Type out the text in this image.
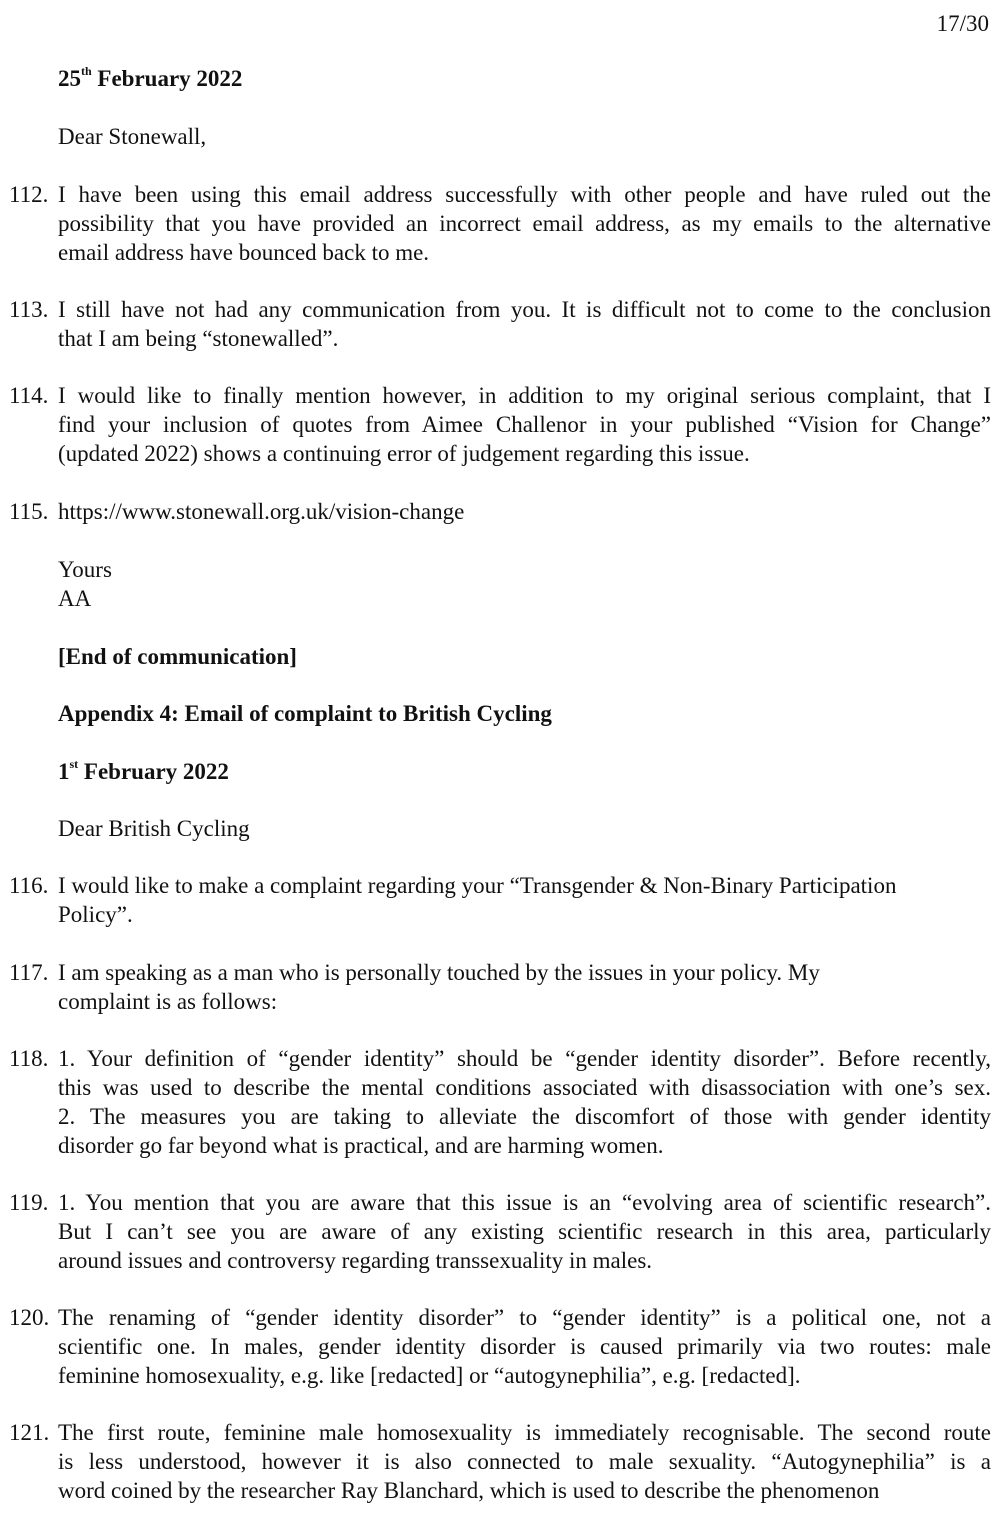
17/30
25th February 2022
Dear Stonewall,
112. I have been using this email address successfully with other people and have ruled out the
possibility that you have provided an incorrect email address, as my emails to the alternative
email address have bounced back to me.
113. I still have not had any communication from you. It is difficult not to come to the conclusion
that I am being “stonewalled”.
114. I would like to finally mention however, in addition to my original serious complaint, that I
find your inclusion of quotes from Aimee Challenor in your published “Vision for Change”
(updated 2022) shows a continuing error of judgement regarding this issue.
115. https://www.stonewall.org.uk/vision-change
Yours
AA
[End of communication]
Appendix 4: Email of complaint to British Cycling
1st February 2022
Dear British Cycling
116. I would like to make a complaint regarding your “Transgender & Non-Binary Participation
Policy”.
117. I am speaking as a man who is personally touched by the issues in your policy. My
complaint is as follows:
118. 1. Your definition of “gender identity” should be “gender identity disorder”. Before recently,
this was used to describe the mental conditions associated with disassociation with one’s sex.
2. The measures you are taking to alleviate the discomfort of those with gender identity
disorder go far beyond what is practical, and are harming women.
119. 1. You mention that you are aware that this issue is an “evolving area of scientific research”.
But I can’t see you are aware of any existing scientific research in this area, particularly
around issues and controversy regarding transsexuality in males.
120. The renaming of “gender identity disorder” to “gender identity” is a political one, not a
scientific one. In males, gender identity disorder is caused primarily via two routes: male
feminine homosexuality, e.g. like [redacted] or “autogynephilia”, e.g. [redacted].
121. The first route, feminine male homosexuality is immediately recognisable. The second route
is less understood, however it is also connected to male sexuality. “Autogynephilia” is a
word coined by the researcher Ray Blanchard, which is used to describe the phenomenon
